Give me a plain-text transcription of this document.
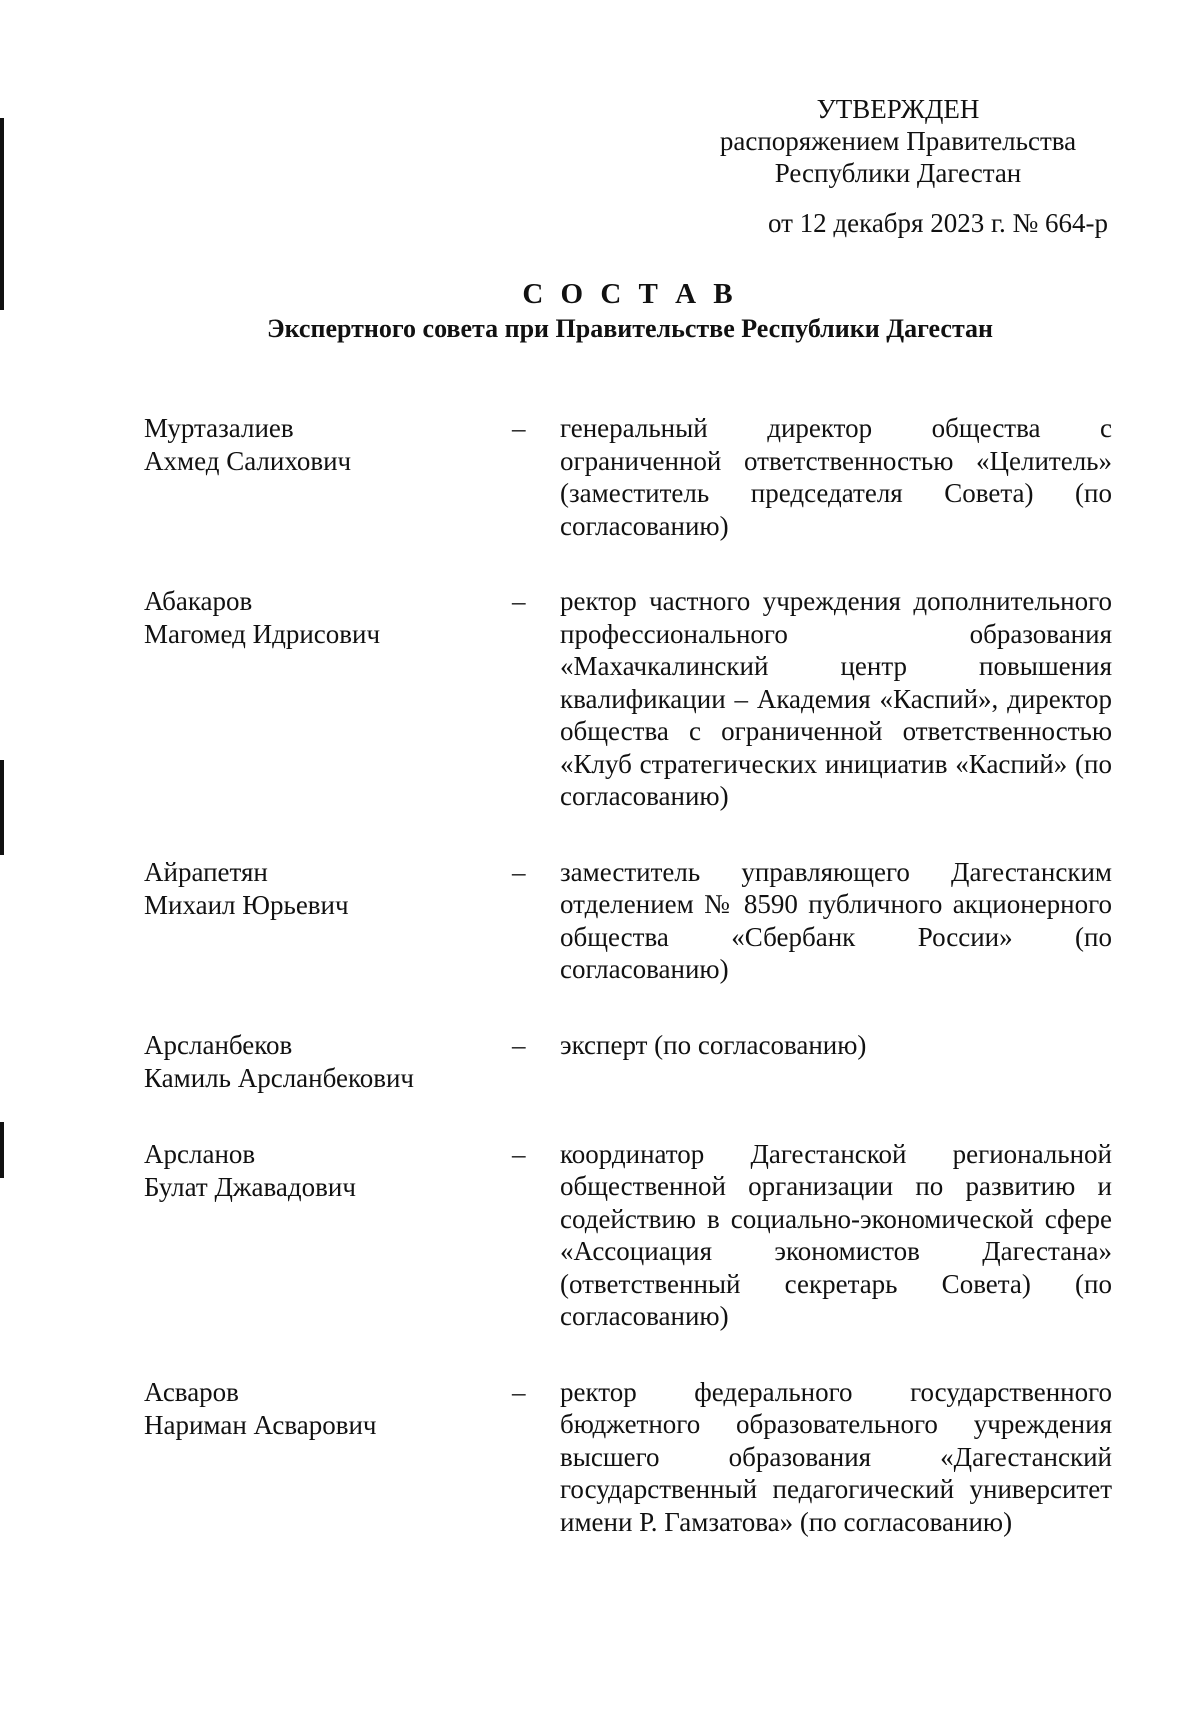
УТВЕРЖДЕН
распоряжением Правительства
Республики Дагестан
от 12 декабря 2023 г. № 664-р
С О С Т А В
Экспертного совета при Правительстве Республики Дагестан
Муртазалиев
Ахмед Салихович
– генеральный директор общества с ограниченной ответственностью «Целитель» (заместитель председателя Совета) (по согласованию)
Абакаров
Магомед Идрисович
– ректор частного учреждения дополнительного профессионального образования «Махачкалинский центр повышения квалификации – Академия «Каспий», директор общества с ограниченной ответственностью «Клуб стратегических инициатив «Каспий» (по согласованию)
Айрапетян
Михаил Юрьевич
– заместитель управляющего Дагестанским отделением № 8590 публичного акционерного общества «Сбербанк России» (по согласованию)
Арсланбеков
Камиль Арсланбекович
– эксперт (по согласованию)
Арсланов
Булат Джавадович
– координатор Дагестанской региональной общественной организации по развитию и содействию в социально-экономической сфере «Ассоциация экономистов Дагестана» (ответственный секретарь Совета) (по согласованию)
Асваров
Нариман Асварович
– ректор федерального государственного бюджетного образовательного учреждения высшего образования «Дагестанский государственный педагогический университет имени Р. Гамзатова» (по согласованию)
